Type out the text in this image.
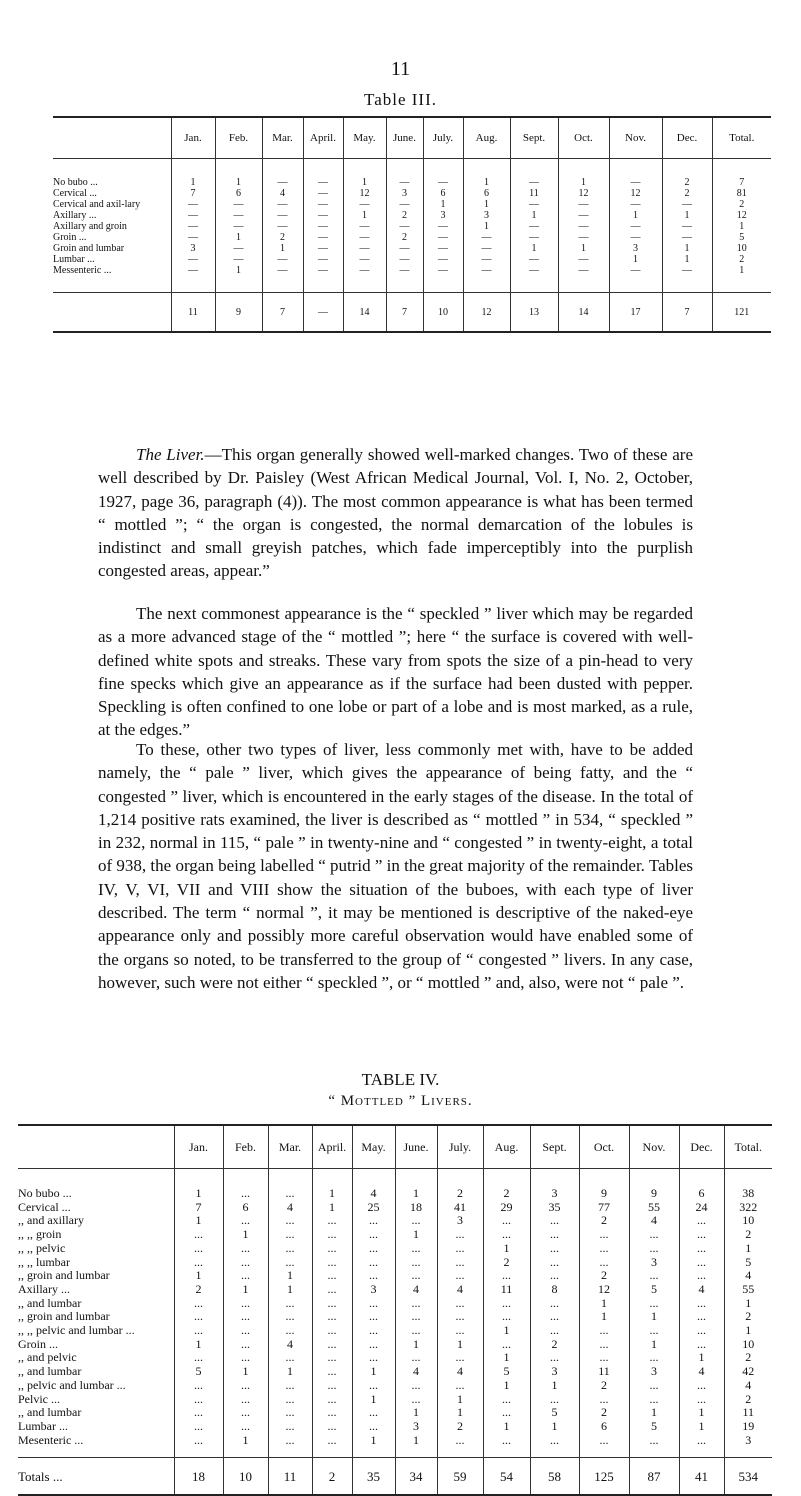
11
Table III.
	Jan.	Feb.	Mar.	April.	May.	June.	July.	Aug.	Sept.	Oct.	Nov.	Dec.	Total.
No bubo ...	1	1	—	—	1	—	—	1	—	1	—	2	7
Cervical ...	7	6	4	—	12	3	6	6	11	12	12	2	81
Cervical and axil-lary	—	—	—	—	—	—	1	1	—	—	—	—	2
Axillary ...	—	—	—	—	1	2	3	3	1	—	1	1	12
Axillary and groin	—	—	—	—	—	—	—	1	—	—	—	—	1
Groin ...	—	1	2	—	—	2	—	—	—	—	—	—	5
Groin and lumbar	3	—	1	—	—	—	—	—	1	1	3	1	10
Lumbar ...	—	—	—	—	—	—	—	—	—	—	1	1	2
Messenteric ...	—	1	—	—	—	—	—	—	—	—	—	—	1
	11	9	7	—	14	7	10	12	13	14	17	7	121

The Liver.—This organ generally showed well-marked changes. Two of these are well described by Dr. Paisley (West African Medical Journal, Vol. I, No. 2, October, 1927, page 36, paragraph (4)). The most common appearance is what has been termed “ mottled ”; “ the organ is congested, the normal demarcation of the lobules is indistinct and small greyish patches, which fade imperceptibly into the purplish congested areas, appear.”

The next commonest appearance is the “ speckled ” liver which may be regarded as a more advanced stage of the “ mottled ”; here “ the surface is covered with well-defined white spots and streaks. These vary from spots the size of a pin-head to very fine specks which give an appearance as if the surface had been dusted with pepper. Speckling is often confined to one lobe or part of a lobe and is most marked, as a rule, at the edges.”

To these, other two types of liver, less commonly met with, have to be added namely, the “ pale ” liver, which gives the appearance of being fatty, and the “ congested ” liver, which is encountered in the early stages of the disease. In the total of 1,214 positive rats examined, the liver is described as “ mottled ” in 534, “ speckled ” in 232, normal in 115, “ pale ” in twenty-nine and “ congested ” in twenty-eight, a total of 938, the organ being labelled “ putrid ” in the great majority of the remainder. Tables IV, V, VI, VII and VIII show the situation of the buboes, with each type of liver described. The term “ normal ”, it may be mentioned is descriptive of the naked-eye appearance only and possibly more careful observation would have enabled some of the organs so noted, to be transferred to the group of “ congested ” livers. In any case, however, such were not either “ speckled ”, or “ mottled ” and, also, were not “ pale ”.

TABLE IV.
“ Mottled ” Livers.
	Jan.	Feb.	Mar.	April.	May.	June.	July.	Aug.	Sept.	Oct.	Nov.	Dec.	Total.
No bubo ...	1	...	...	1	4	1	2	2	3	9	9	6	38
Cervical ...	7	6	4	1	25	18	41	29	35	77	55	24	322
,, and axillary	1	...	...	...	...	...	3	...	...	2	4	...	10
,, ,, groin	...	1	...	...	...	1	...	...	...	...	...	...	2
,, ,, pelvic	...	...	...	...	...	...	...	1	...	...	...	...	1
,, ,, lumbar	...	...	...	...	...	...	...	2	...	...	3	...	5
,, groin and lumbar	1	...	1	...	...	...	...	...	...	2	...	...	4
Axillary ...	2	1	1	...	3	4	4	11	8	12	5	4	55
,, and lumbar	...	...	...	...	...	...	...	...	...	1	...	...	1
,, groin and lumbar	...	...	...	...	...	...	...	...	...	1	1	...	2
,, ,, pelvic and lumbar ...	...	...	...	...	...	...	...	1	...	...	...	...	1
Groin ...	1	...	4	...	...	1	1	...	2	...	1	...	10
,, and pelvic	...	...	...	...	...	...	...	1	...	...	...	1	2
,, and lumbar	5	1	1	...	1	4	4	5	3	11	3	4	42
,, pelvic and lumbar ...	...	...	...	...	...	...	...	1	1	2	...	...	4
Pelvic ...	...	...	...	...	1	...	1	...	...	...	...	...	2
,, and lumbar	...	...	...	...	...	1	1	...	5	2	1	1	11
Lumbar ...	...	...	...	...	...	3	2	1	1	6	5	1	19
Mesenteric ...	...	1	...	...	1	1	...	...	...	...	...	...	3
Totals ...	18	10	11	2	35	34	59	54	58	125	87	41	534
